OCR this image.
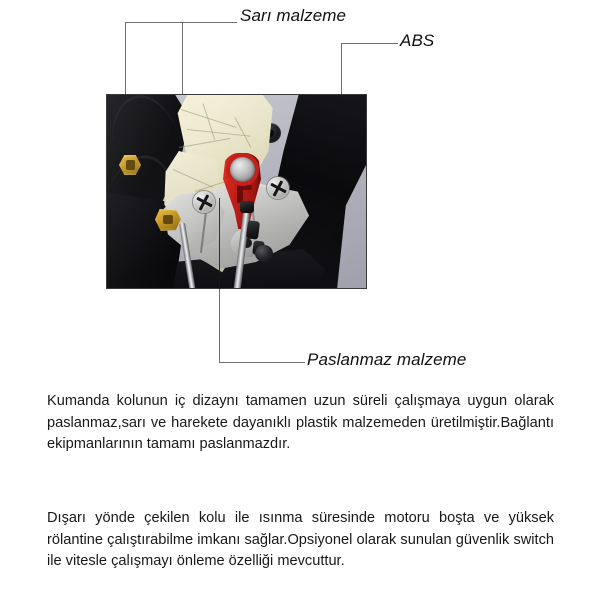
Sarı malzeme
ABS
Paslanmaz malzeme

Kumanda kolunun iç dizaynı tamamen uzun süreli çalışmaya uygun olarak paslanmaz,sarı ve harekete dayanıklı plastik malzemeden üretilmiştir.Bağlantı ekipmanlarının tamamı paslanmazdır.

Dışarı yönde çekilen kolu ile ısınma süresinde motoru boşta ve yüksek rölantine çalıştırabilme imkanı sağlar.Opsiyonel olarak sunulan güvenlik switch ile vitesle çalışmayı önleme özelliği mevcuttur.
